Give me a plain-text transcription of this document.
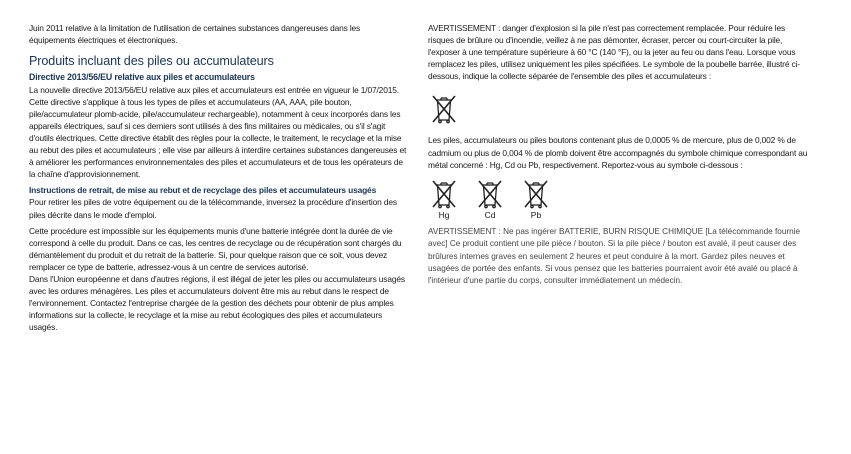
Juin 2011 relative à la limitation de l'utilisation de certaines substances dangereuses dans les équipements électriques et électroniques.

Produits incluant des piles ou accumulateurs
Directive 2013/56/EU relative aux piles et accumulateurs

La nouvelle directive 2013/56/EU relative aux piles et accumulateurs est entrée en vigueur le 1/07/2015. Cette directive s'applique à tous les types de piles et accumulateurs (AA, AAA, pile bouton, pile/accumulateur plomb-acide, pile/accumulateur rechargeable), notamment à ceux incorporés dans les appareils électriques, sauf si ces derniers sont utilisés à des fins militaires ou médicales, ou s'il s'agit d'outils électriques. Cette directive établit des règles pour la collecte, le traitement, le recyclage et la mise au rebut des piles et accumulateurs ; elle vise par ailleurs à interdire certaines substances dangereuses et à améliorer les performances environnementales des piles et accumulateurs et de tous les opérateurs de la chaîne d'approvisionnement.

Instructions de retrait, de mise au rebut et de recyclage des piles et accumulateurs usagés

Pour retirer les piles de votre équipement ou de la télécommande, inversez la procédure d'insertion des piles décrite dans le mode d'emploi.

Cette procédure est impossible sur les équipements munis d'une batterie intégrée dont la durée de vie correspond à celle du produit. Dans ce cas, les centres de recyclage ou de récupération sont chargés du démantèlement du produit et du retrait de la batterie. Si, pour quelque raison que ce soit, vous devez remplacer ce type de batterie, adressez-vous à un centre de services autorisé.

Dans l'Union européenne et dans d'autres régions, il est illégal de jeter les piles ou accumulateurs usagés avec les ordures ménagères. Les piles et accumulateurs doivent être mis au rebut dans le respect de l'environnement. Contactez l'entreprise chargée de la gestion des déchets pour obtenir de plus amples informations sur la collecte, le recyclage et la mise au rebut écologiques des piles et accumulateurs usagés.

AVERTISSEMENT : danger d'explosion si la pile n'est pas correctement remplacée. Pour réduire les risques de brûlure ou d'incendie, veillez à ne pas démonter, écraser, percer ou court-circuiter la pile, l'exposer à une température supérieure à 60 °C (140 °F), ou la jeter au feu ou dans l'eau. Lorsque vous remplacez les piles, utilisez uniquement les piles spécifiées. Le symbole de la poubelle barrée, illustré ci-dessous, indique la collecte séparée de l'ensemble des piles et accumulateurs :

Les piles, accumulateurs ou piles boutons contenant plus de 0,0005 % de mercure, plus de 0,002 % de cadmium ou plus de 0,004 % de plomb doivent être accompagnés du symbole chimique correspondant au métal concerné : Hg, Cd ou Pb, respectivement. Reportez-vous au symbole ci-dessous :

Hg	Cd	Pb

AVERTISSEMENT : Ne pas ingérer BATTERIE, BURN RISQUE CHIMIQUE [La télécommande fournie avec] Ce produit contient une pile pièce / bouton. Si la pile pièce / bouton est avalé, il peut causer des brûlures internes graves en seulement 2 heures et peut conduire à la mort. Gardez piles neuves et usagées de portée des enfants. Si vous pensez que les batteries pourraient avoir été avalé ou placé à l'intérieur d'une partie du corps, consulter immédiatement un médecin.
